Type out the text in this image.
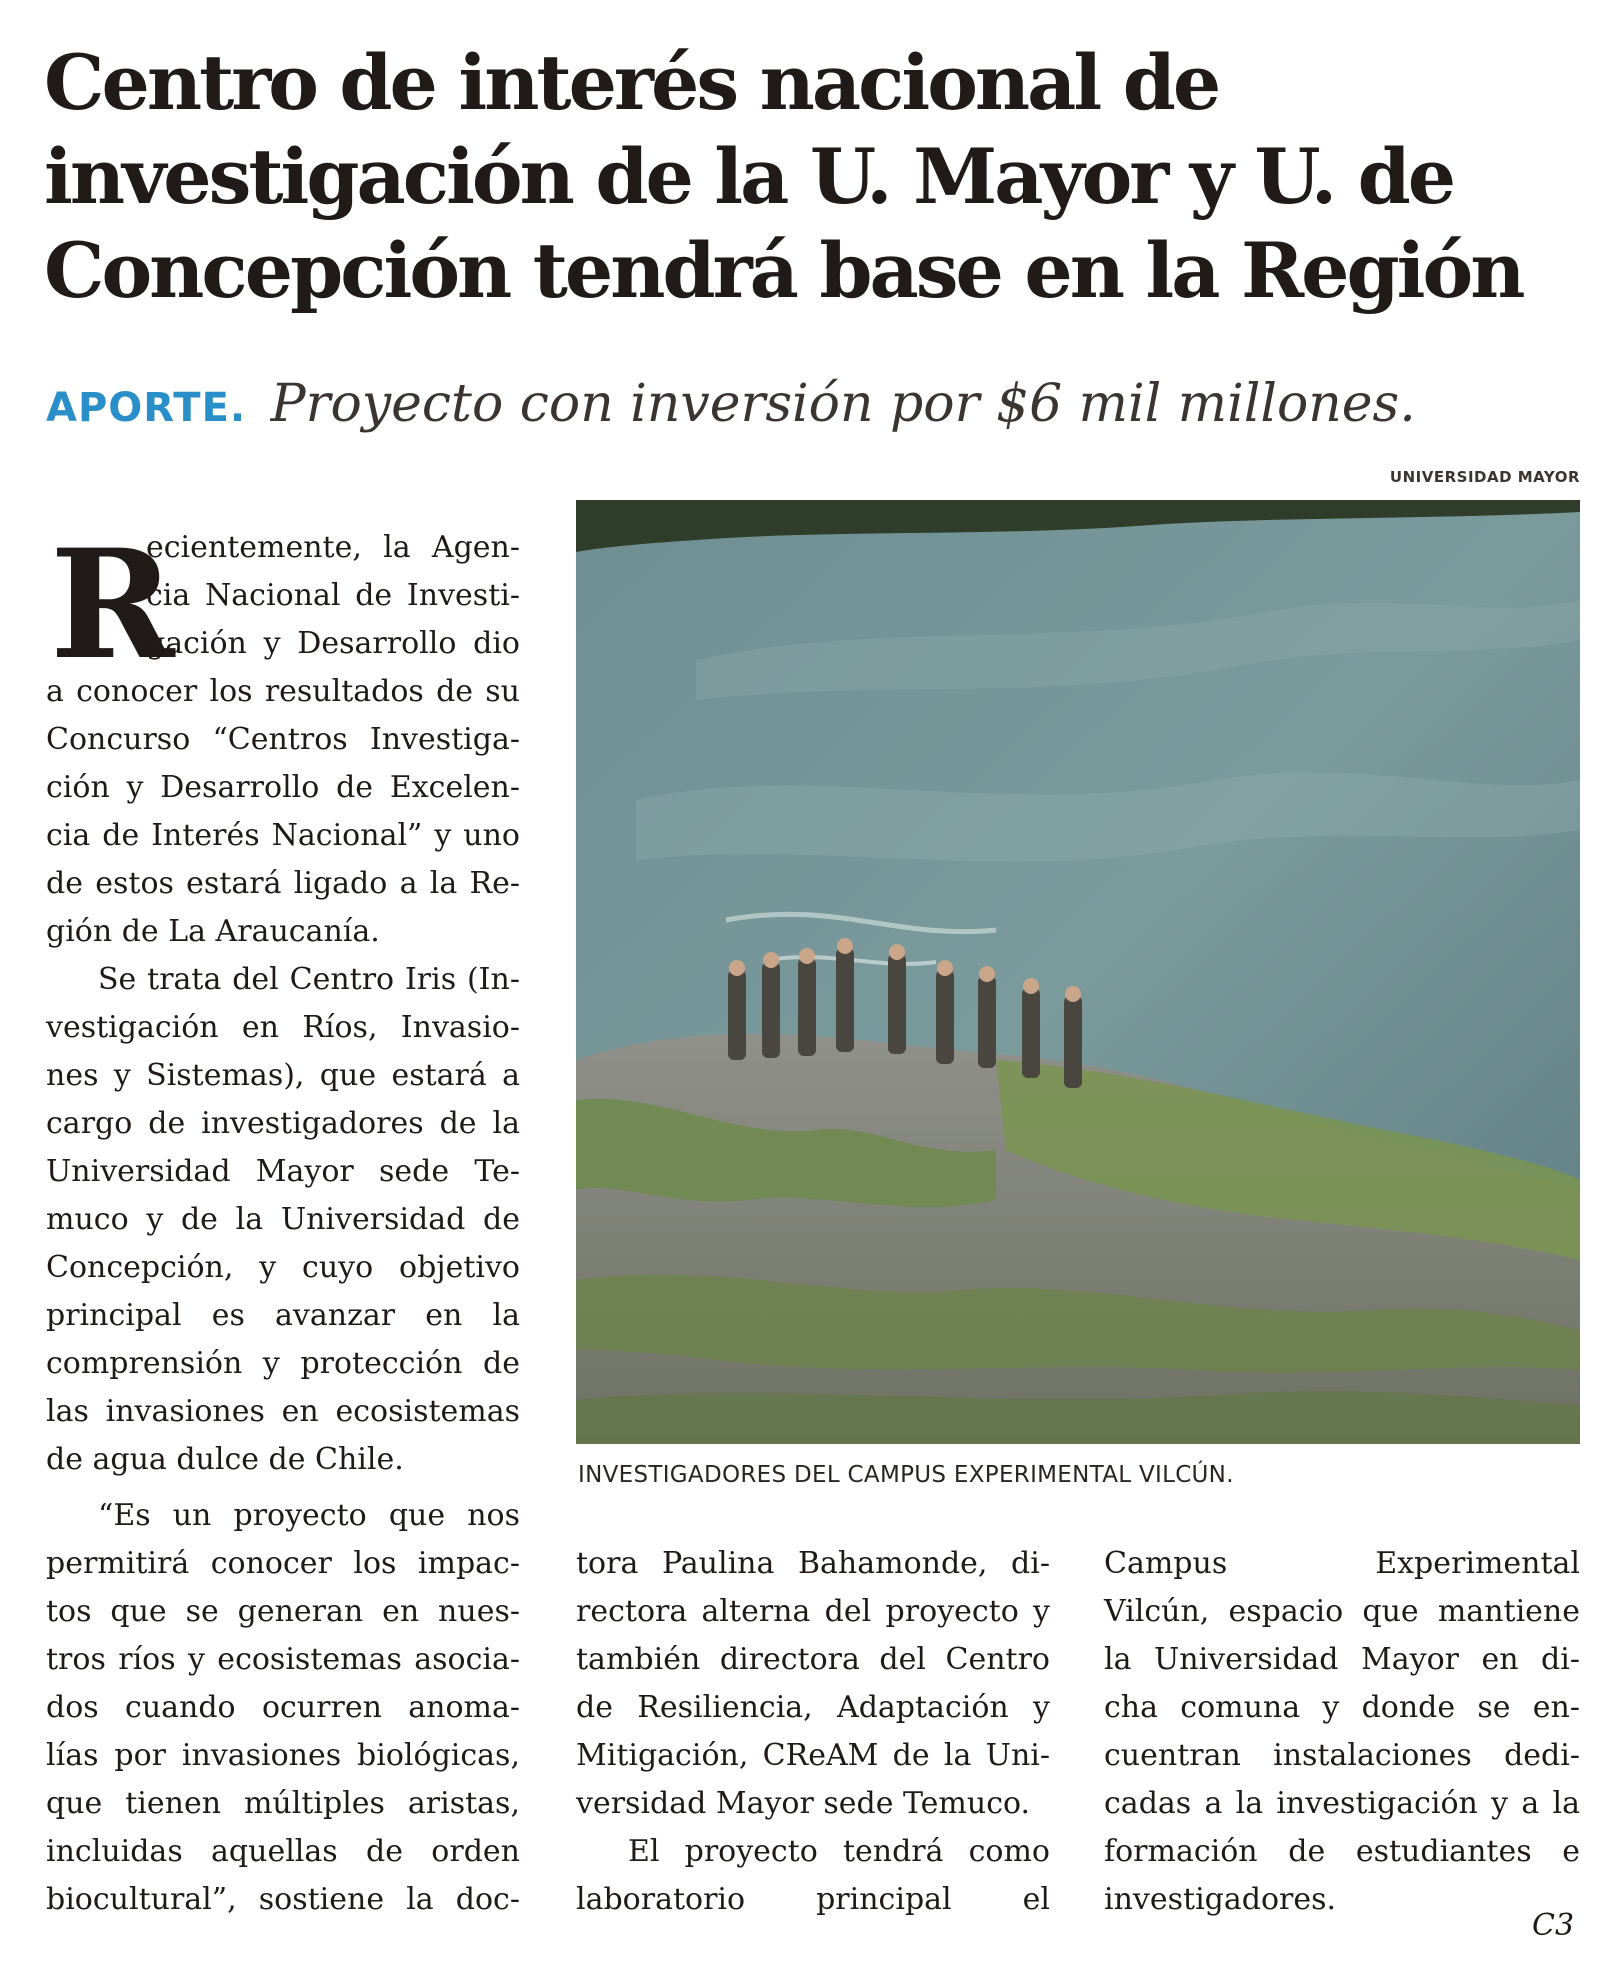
Centro de interés nacional de
investigación de la U. Mayor y U. de
Concepción tendrá base en la Región
APORTE. Proyecto con inversión por $6 mil millones.
UNIVERSIDAD MAYOR
INVESTIGADORES DEL CAMPUS EXPERIMENTAL VILCÚN.
R
ecientemente, la Agen-
cia Nacional de Investi-
gación y Desarrollo dio
a conocer los resultados de su
Concurso “Centros Investiga-
ción y Desarrollo de Excelen-
cia de Interés Nacional” y uno
de estos estará ligado a la Re-
gión de La Araucanía.
Se trata del Centro Iris (In-
vestigación en Ríos, Invasio-
nes y Sistemas), que estará a
cargo de investigadores de la
Universidad Mayor sede Te-
muco y de la Universidad de
Concepción, y cuyo objetivo
principal es avanzar en la
comprensión y protección de
las invasiones en ecosistemas
de agua dulce de Chile.
“Es un proyecto que nos
permitirá conocer los impac-
tos que se generan en nues-
tros ríos y ecosistemas asocia-
dos cuando ocurren anoma-
lías por invasiones biológicas,
que tienen múltiples aristas,
incluidas aquellas de orden
biocultural”, sostiene la doc-
tora Paulina Bahamonde, di-
rectora alterna del proyecto y
también directora del Centro
de Resiliencia, Adaptación y
Mitigación, CReAM de la Uni-
versidad Mayor sede Temuco.
El proyecto tendrá como
laboratorio principal el
Campus Experimental
Vilcún, espacio que mantiene
la Universidad Mayor en di-
cha comuna y donde se en-
cuentran instalaciones dedi-
cadas a la investigación y a la
formación de estudiantes e
investigadores.
C3
